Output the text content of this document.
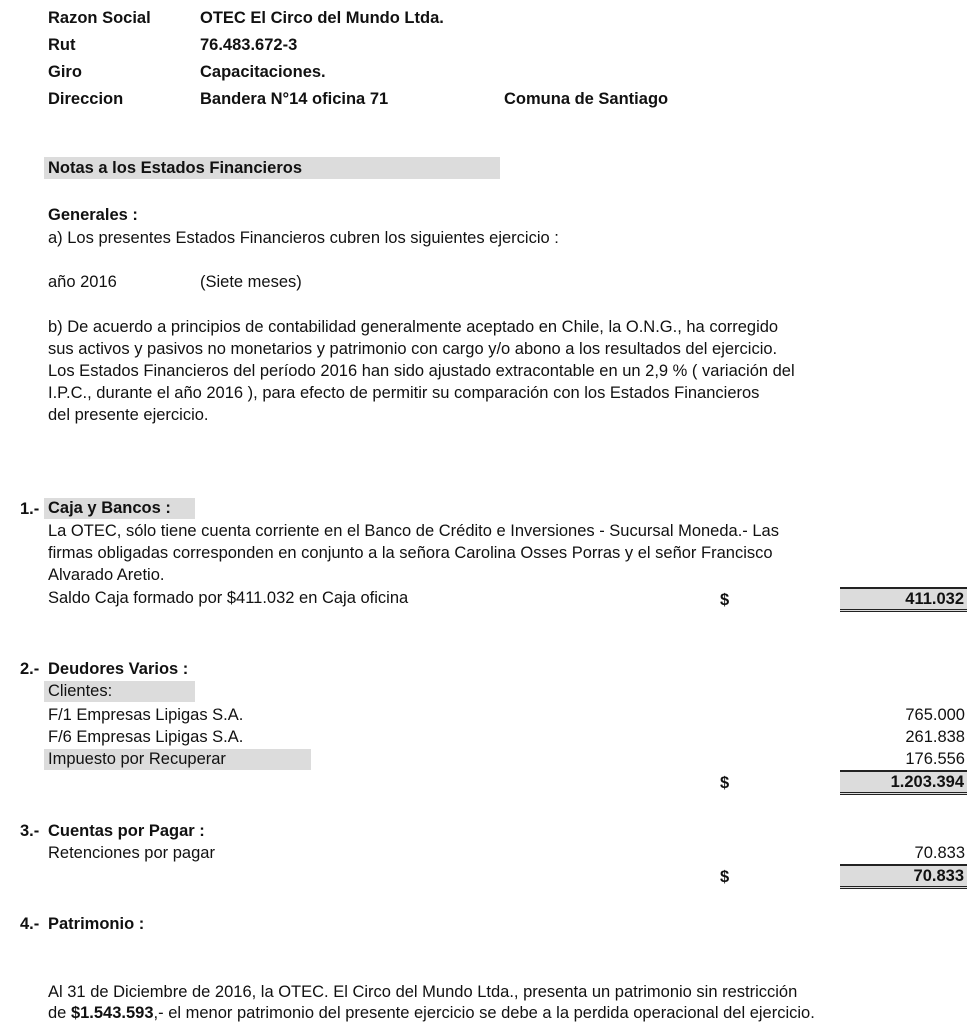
Razon Social	OTEC El Circo del Mundo Ltda.
Rut	76.483.672-3
Giro	Capacitaciones.
Direccion	Bandera N°14 oficina 71	Comuna de Santiago
Notas a los Estados Financieros
Generales :
a) Los presentes Estados Financieros cubren los siguientes ejercicio :
año 2016	(Siete meses)
b) De acuerdo a principios de contabilidad generalmente aceptado en Chile, la O.N.G., ha corregido
sus activos y pasivos no monetarios y patrimonio con cargo y/o abono a los resultados del ejercicio.
Los Estados Financieros del período 2016 han sido ajustado extracontable en un 2,9 % ( variación del
I.P.C., durante el año 2016 ), para efecto de permitir su comparación con los Estados Financieros
del presente ejercicio.
1.- Caja y Bancos :
La OTEC, sólo tiene cuenta corriente en el Banco de Crédito e Inversiones - Sucursal Moneda.- Las
firmas obligadas corresponden en conjunto a la señora Carolina Osses Porras y el señor Francisco
Alvarado Aretio.
Saldo Caja formado por $411.032 en Caja oficina	$	411.032
2.- Deudores Varios :
Clientes:
F/1 Empresas Lipigas S.A.	765.000
F/6 Empresas Lipigas S.A.	261.838
Impuesto por Recuperar	176.556
$	1.203.394
3.- Cuentas por Pagar :
Retenciones por pagar	70.833
$	70.833
4.- Patrimonio :
Al 31 de Diciembre de 2016, la OTEC. El Circo del Mundo Ltda., presenta un patrimonio sin restricción
de $1.543.593,- el menor patrimonio del presente ejercicio se debe a la perdida operacional del ejercicio.
